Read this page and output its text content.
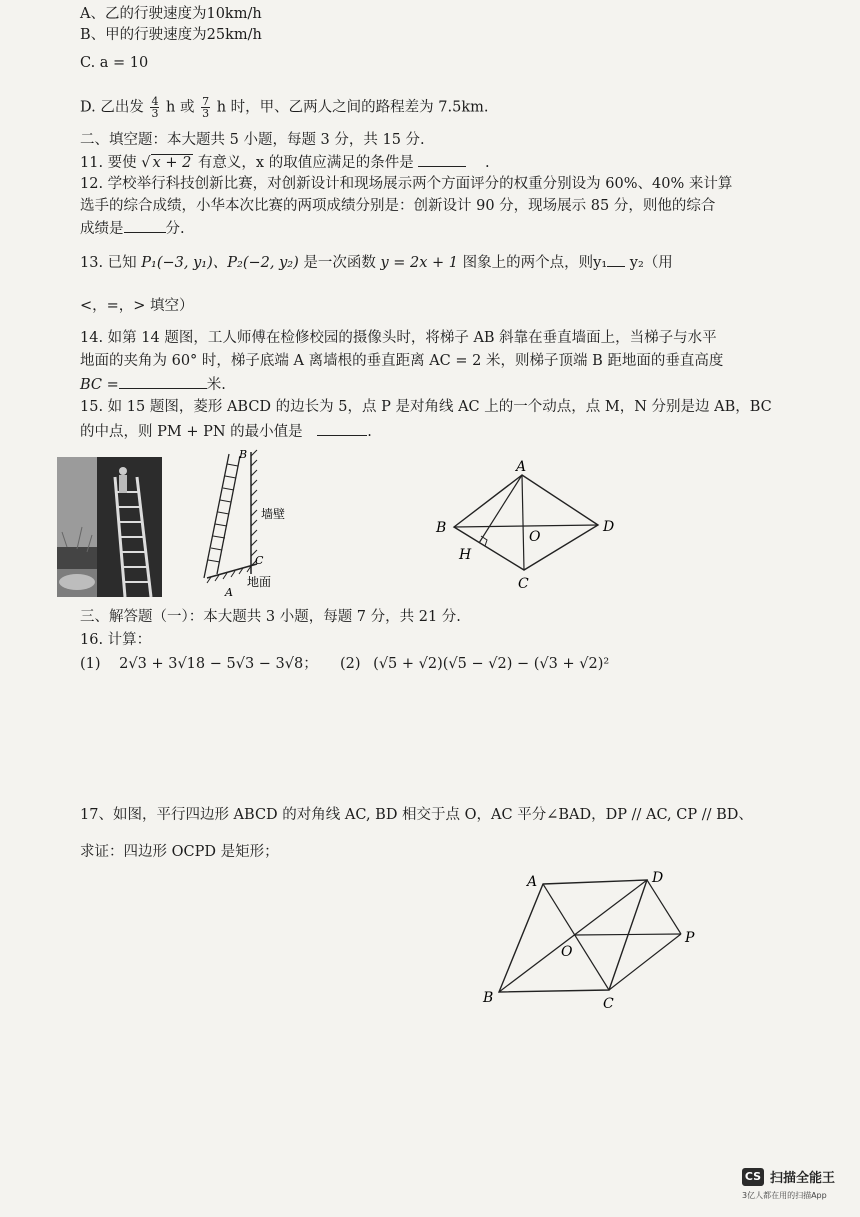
A、乙的行驶速度为10km/h
B、甲的行驶速度为25km/h
C. a = 10
D. 乙出发 $\frac{4}{3}$ h 或 $\frac{7}{3}$ h 时，甲、乙两人之间的路程差为 7.5km.
二、填空题：本大题共 5 小题，每题 3 分，共 15 分.
11. 要使 √ x + 2 有意义，x 的取值应满足的条件是	.
12. 学校举行科技创新比赛，对创新设计和现场展示两个方面评分的权重分别设为 60%、40% 来计算
选手的综合成绩，小华本次比赛的两项成绩分别是：创新设计 90 分，现场展示 85 分，则他的综合
成绩是	分.
13. 已知 P₁(−3, y₁)、P₂(−2, y₂) 是一次函数 y = 2x + 1 图象上的两个点，则y₁ y₂（用
<，=，> 填空）
14. 如第 14 题图，工人师傅在检修校园的摄像头时，将梯子 AB 斜靠在垂直墙面上，当梯子与水平
地面的夹角为 60° 时，梯子底端 A 离墙根的垂直距离 AC = 2 米，则梯子顶端 B 距地面的垂直高度
BC =	米.
15. 如 15 题图，菱形 ABCD 的边长为 5，点 P 是对角线 AC 上的一个动点，点 M，N 分别是边 AB，BC
的中点，则 PM + PN 的最小值是	.
B
C
A
墙壁
地面
A
B
C
D
O
H
三、解答题（一）：本大题共 3 小题，每题 7 分，共 21 分.
16. 计算：
(1) 2√3 + 3√18 − 5√3 − 3√8； (2) (√5 + √2)(√5 − √2) − (√3 + √2)²
17、如图，平行四边形 ABCD 的对角线 AC, BD 相交于点 O，AC 平分∠BAD，DP // AC, CP // BD、
求证：四边形 OCPD 是矩形；
A	D
P
O
B	C
CS 扫描全能王
3亿人都在用的扫描App
